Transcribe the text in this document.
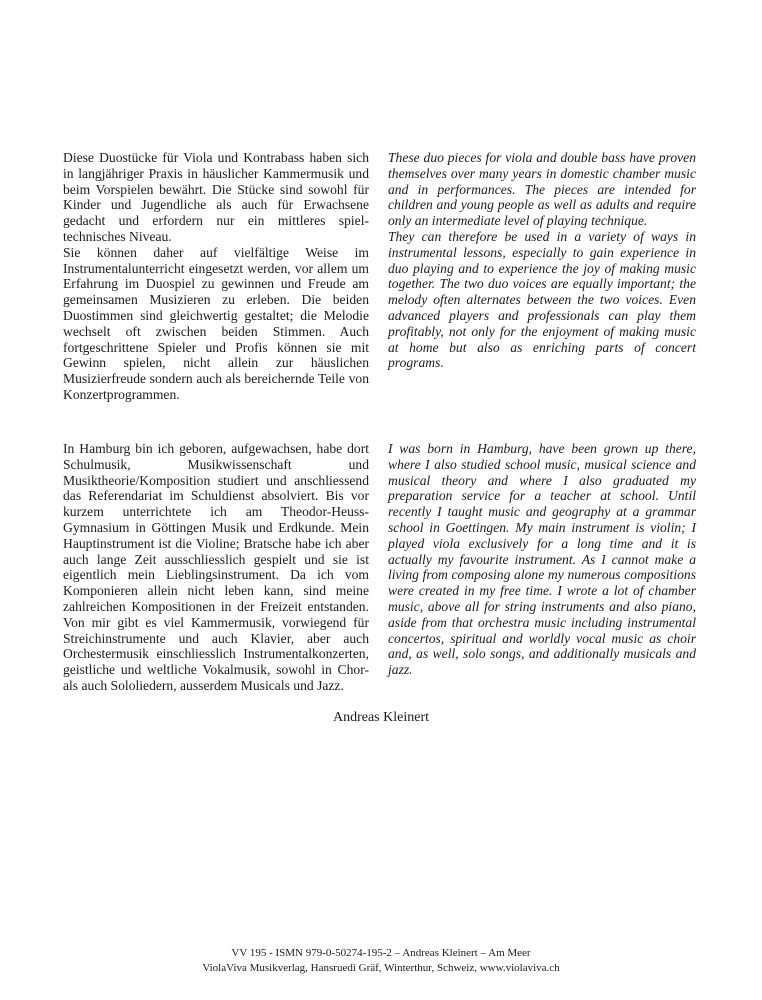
Diese Duostücke für Viola und Kontrabass haben sich in langjähriger Praxis in häuslicher Kammermusik und beim Vorspielen bewährt. Die Stücke sind sowohl für Kinder und Jugendliche als auch für Erwachsene gedacht und erfordern nur ein mittleres spiel-technisches Niveau.

Sie können daher auf vielfältige Weise im Instrumentalunterricht eingesetzt werden, vor allem um Erfahrung im Duospiel zu gewinnen und Freude am gemeinsamen Musizieren zu erleben. Die beiden Duostimmen sind gleichwertig gestaltet; die Melodie wechselt oft zwischen beiden Stimmen. Auch fortgeschrittene Spieler und Profis können sie mit Gewinn spielen, nicht allein zur häuslichen Musizierfreude sondern auch als bereichernde Teile von Konzertprogrammen.

These duo pieces for viola and double bass have proven themselves over many years in domestic chamber music and in performances. The pieces are intended for children and young people as well as adults and require only an intermediate level of playing technique.

They can therefore be used in a variety of ways in instrumental lessons, especially to gain experience in duo playing and to experience the joy of making music together. The two duo voices are equally important; the melody often alternates between the two voices. Even advanced players and professionals can play them profitably, not only for the enjoyment of making music at home but also as enriching parts of concert programs.

In Hamburg bin ich geboren, aufgewachsen, habe dort Schulmusik, Musikwissenschaft und Musiktheorie/Komposition studiert und anschliessend das Referendariat im Schuldienst absolviert. Bis vor kurzem unterrichtete ich am Theodor-Heuss-Gymnasium in Göttingen Musik und Erdkunde. Mein Hauptinstrument ist die Violine; Bratsche habe ich aber auch lange Zeit ausschliesslich gespielt und sie ist eigentlich mein Lieblingsinstrument. Da ich vom Komponieren allein nicht leben kann, sind meine zahlreichen Kompositionen in der Freizeit entstanden. Von mir gibt es viel Kammermusik, vorwiegend für Streichinstrumente und auch Klavier, aber auch Orchestermusik einschliesslich Instrumentalkonzerten, geistliche und weltliche Vokalmusik, sowohl in Chor- als auch Sololiedern, ausserdem Musicals und Jazz.

I was born in Hamburg, have been grown up there, where I also studied school music, musical science and musical theory and where I also graduated my preparation service for a teacher at school. Until recently I taught music and geography at a grammar school in Goettingen. My main instrument is violin; I played viola exclusively for a long time and it is actually my favourite instrument. As I cannot make a living from composing alone my numerous compositions were created in my free time. I wrote a lot of chamber music, above all for string instruments and also piano, aside from that orchestra music including instrumental concertos, spiritual and worldly vocal music as choir and, as well, solo songs, and additionally musicals and jazz.

Andreas Kleinert
VV 195 - ISMN 979-0-50274-195-2 – Andreas Kleinert – Am Meer
ViolaViva Musikverlag, Hansruedi Gräf, Winterthur, Schweiz, www.violaviva.ch
